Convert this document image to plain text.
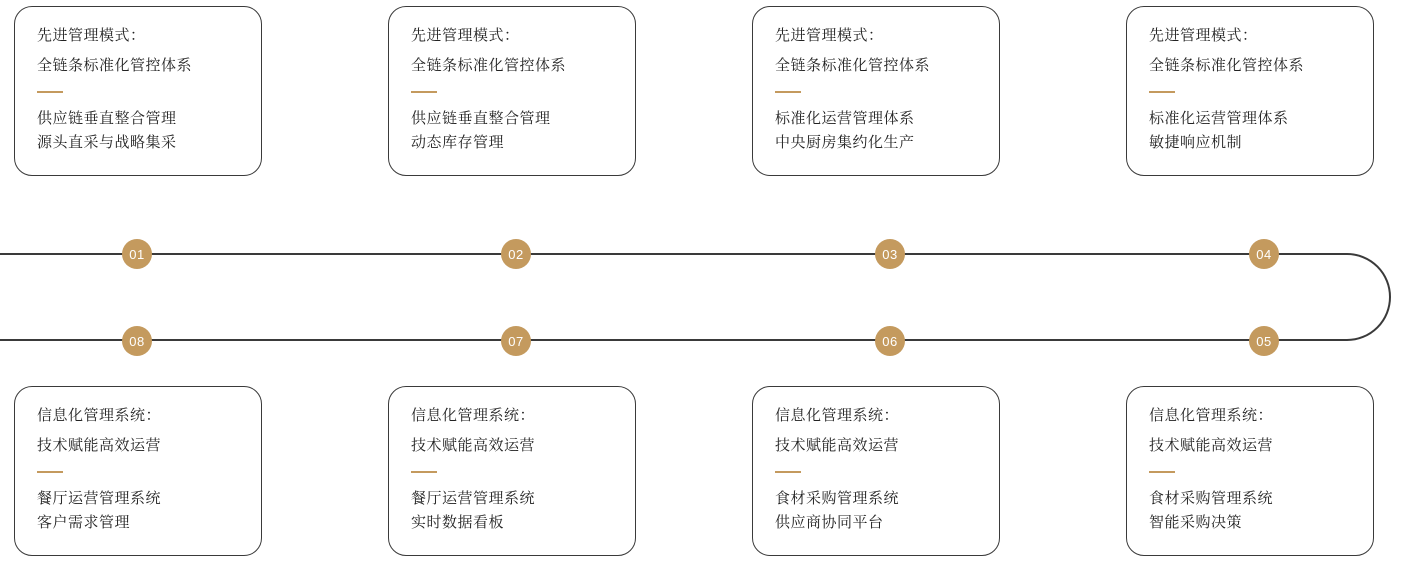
先进管理模式：
全链条标准化管控体系
供应链垂直整合管理
源头直采与战略集采
先进管理模式：
全链条标准化管控体系
供应链垂直整合管理
动态库存管理
先进管理模式：
全链条标准化管控体系
标准化运营管理体系
中央厨房集约化生产
先进管理模式：
全链条标准化管控体系
标准化运营管理体系
敏捷响应机制
01	02	03	04
08	07	06	05
信息化管理系统：
技术赋能高效运营
餐厅运营管理系统
客户需求管理
信息化管理系统：
技术赋能高效运营
餐厅运营管理系统
实时数据看板
信息化管理系统：
技术赋能高效运营
食材采购管理系统
供应商协同平台
信息化管理系统：
技术赋能高效运营
食材采购管理系统
智能采购决策
